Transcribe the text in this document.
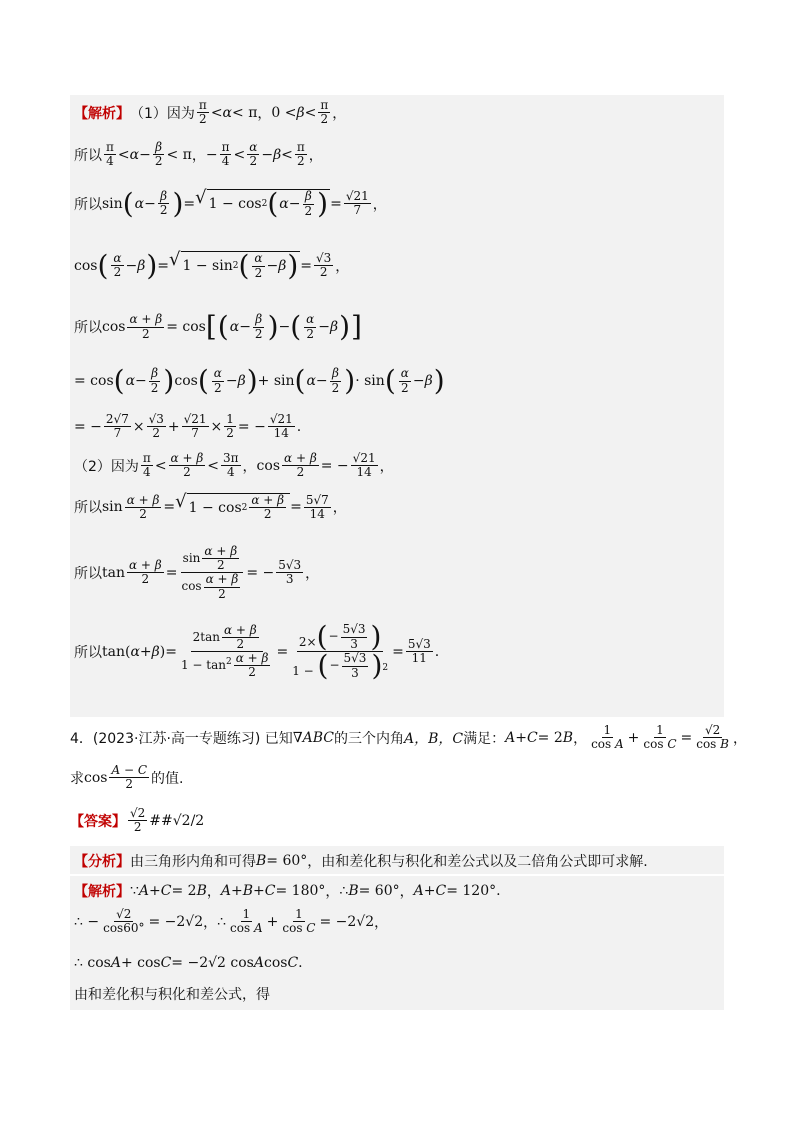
【解析】 （1）因为 $\frac{\pi}{2} < \alpha < \pi$ ， $0 < \beta < \frac{\pi}{2}$ ，
所以 $\frac{\pi}{4} < \alpha - \frac{\beta}{2} < \pi$ ， − $\frac{\pi}{4} < \frac{\alpha}{2} - \beta < \frac{\pi}{2}$ ，
所以 sin
( $\alpha - \frac{\beta}{2}$
) = √ 1 − cos 2
( $\alpha - \frac{\beta}{2}$
) = $\frac{√21}{7}$ ，
cos
( $\frac{\alpha}{2} - \beta$
) = √ 1 − sin 2
( $\frac{\alpha}{2} - \beta$
) = $\frac{√3}{2}$ ，
所以 $\cos \frac{\alpha + \beta}{2} = \cos$
( [ $\alpha - \frac{\beta}{2}$
) −
( $\frac{\alpha}{2} - \beta$
)
]
= cos
( $\alpha - \frac{\beta}{2}$
) cos
( $\frac{\alpha}{2} - \beta$
) + sin
( $\alpha - \frac{\beta}{2}$
) · sin
( $\frac{\alpha}{2} - \beta$
)
= − $\frac{2√7}{7} \times \frac{√3}{2} + \frac{√21}{7} \times \frac{1}{2}$ = − $\frac{√21}{14}$ .
（2）因为 $\frac{\pi}{4} < \frac{\alpha + \beta}{2} < \frac{3\pi}{4}$ ， $\cos \frac{\alpha + \beta}{2}$ = − $\frac{√21}{14}$ ，
所以 $\sin \frac{\alpha + \beta}{2}$ = √ $1 - \cos 2 \frac{\alpha + \beta}{2} = \frac{5√7}{14}$ ，
所以 $\tan \frac{\alpha + \beta}{2} = \frac{\sin \frac{\alpha + \beta}{2}}{\cos \frac{\alpha + \beta}{2}}$ = − $\frac{5√3}{3}$ ，
所以 tan( α + β ) = $\frac{2\tan \frac{\alpha + \beta}{2}}{1 - \tan^2 \frac{\alpha + \beta}{2}} = 2\times( - \frac{5√3}{3}$
)
1 − ( − $\frac{5√3}{3}$
) $^2 = \frac{5√3}{11}$ .
4．(2023·江苏·高一专题练习) 已知 ∇ABC 的三个内角 A，B，C 满足： A + C = 2 B ， $\frac{1}{\text{cos A}} + \frac{1}{\text{cos C}} = \frac{√2}{\text{cos B}}$ ，
求 $\cos \frac{A - C}{2}$ 的值.
【答案】 $\frac{√2}{2}$ ## √2/2
【分析】 由三角形内角和可得 B = 60° ，由和差化积与积化和差公式以及二倍角公式即可求解.
【解析】 ∵ A + C = 2 B ， A + B + C = 180° ， ∴ B = 60° ， A + C = 120°.
∴ − $\frac{√2}{\cos 60^\circ} = -2√2$ ， ∴ $\frac{1}{\text{cos A}} + \frac{1}{\text{cos C}} = -2√2$ ，
∴ cos A + cos C = −2√2 cos A cos C .
由和差化积与积化和差公式，得
